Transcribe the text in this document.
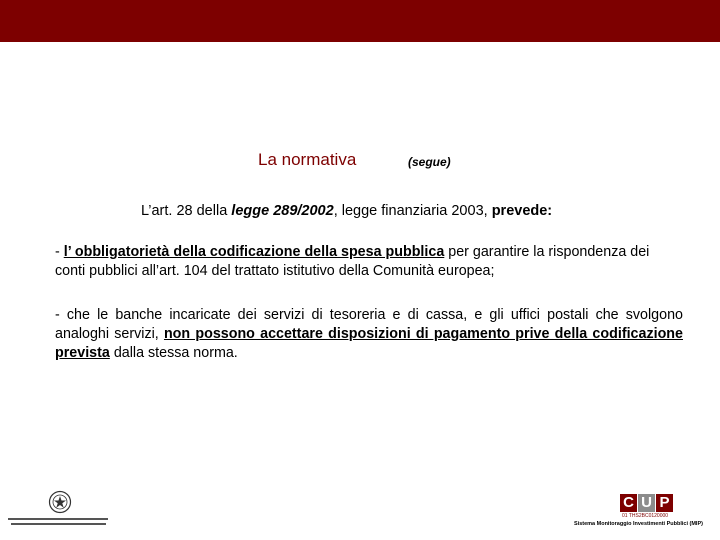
La normativa	(segue)
L’art. 28 della legge 289/2002, legge finanziaria 2003, prevede:
- l’ obbligatorietà della codificazione della spesa pubblica per garantire la rispondenza dei conti pubblici all’art. 104 del trattato istitutivo della Comunità europea;
- che le banche incaricate dei servizi di tesoreria e di cassa, e gli uffici postali che svolgono analoghi servizi, non possono accettare disposizioni di pagamento prive della codificazione prevista dalla stessa norma.
C U P
01 THS2BC0120000
Sistema Monitoraggio Investimenti Pubblici (MIP)
